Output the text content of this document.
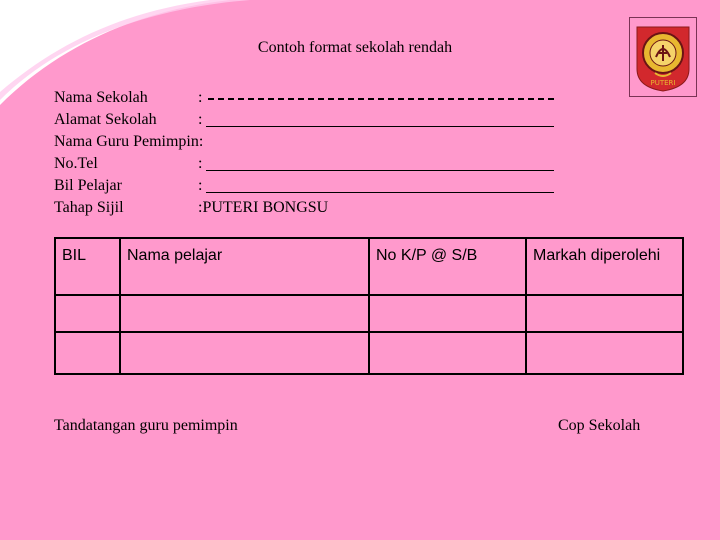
Contoh format sekolah rendah
Nama Sekolah	:
Alamat Sekolah	:
Nama Guru Pemimpin:
No.Tel	:
Bil Pelajar	:
Tahap Sijil	:PUTERI BONGSU
BIL	Nama pelajar	No K/P @ S/B	Markah diperolehi

Tandatangan guru pemimpin	Cop Sekolah
PUTERI
